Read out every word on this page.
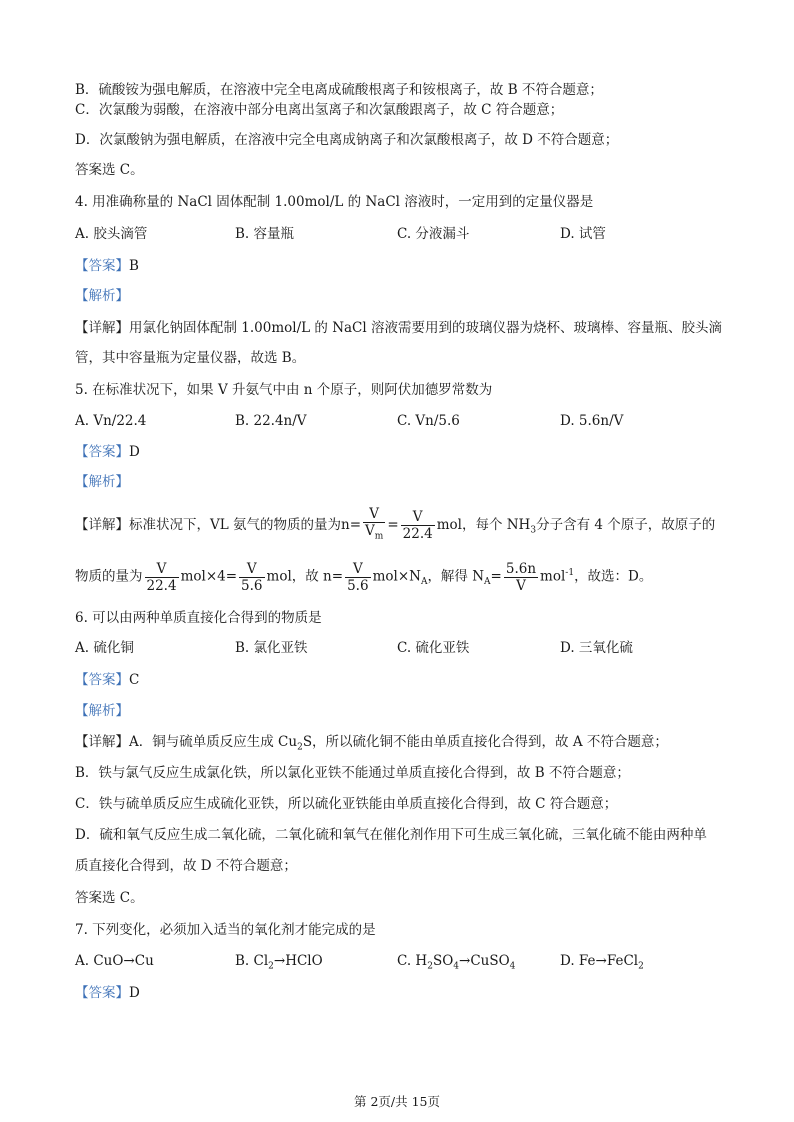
B．硫酸铵为强电解质，在溶液中完全电离成硫酸根离子和铵根离子，故 B 不符合题意；
C．次氯酸为弱酸，在溶液中部分电离出氢离子和次氯酸跟离子，故 C 符合题意；
D．次氯酸钠为强电解质，在溶液中完全电离成钠离子和次氯酸根离子，故 D 不符合题意；
答案选 C。
4. 用准确称量的 NaCl 固体配制 1.00mol/L 的 NaCl 溶液时，一定用到的定量仪器是
A. 胶头滴管	B. 容量瓶	C. 分液漏斗	D. 试管
【答案】B
【解析】
【详解】用氯化钠固体配制 1.00mol/L 的 NaCl 溶液需要用到的玻璃仪器为烧杯、玻璃棒、容量瓶、胶头滴
管，其中容量瓶为定量仪器，故选 B。
5. 在标准状况下，如果 V 升氨气中由 n 个原子，则阿伏加德罗常数为
A. Vn/22.4	B. 22.4n/V	C. Vn/5.6	D. 5.6n/V
【答案】D
【解析】
【详解】标准状况下，VL 氨气的物质的量为$n= \frac{V}{V_m} = \frac{V}{22.4}$ mol，每个 $NH_3$分子含有 4 个原子，故原子的
物质的量为 $\frac{V}{22.4} mol\times 4= \frac{V}{5.6}$ mol，故 $n= \frac{V}{5.6} mol\times N_A$，解得 $N_A= \frac{5.6n}{V} mol^{-1}$，故选：D。
6. 可以由两种单质直接化合得到的物质是
A. 硫化铜	B. 氯化亚铁	C. 硫化亚铁	D. 三氧化硫
【答案】C
【解析】
【详解】A．铜与硫单质反应生成 $Cu_2S$，所以硫化铜不能由单质直接化合得到，故 A 不符合题意；
B．铁与氯气反应生成氯化铁，所以氯化亚铁不能通过单质直接化合得到，故 B 不符合题意；
C．铁与硫单质反应生成硫化亚铁，所以硫化亚铁能由单质直接化合得到，故 C 符合题意；
D．硫和氧气反应生成二氧化硫，二氧化硫和氧气在催化剂作用下可生成三氧化硫，三氧化硫不能由两种单
质直接化合得到，故 D 不符合题意；
答案选 C。
7. 下列变化，必须加入适当的氧化剂才能完成的是
A. CuO→Cu	B. $Cl_2\to HClO$	C. $H_2SO_4\to CuSO_4$	D. Fe→FeCl$_2$
【答案】D
第 2页/共 15页
